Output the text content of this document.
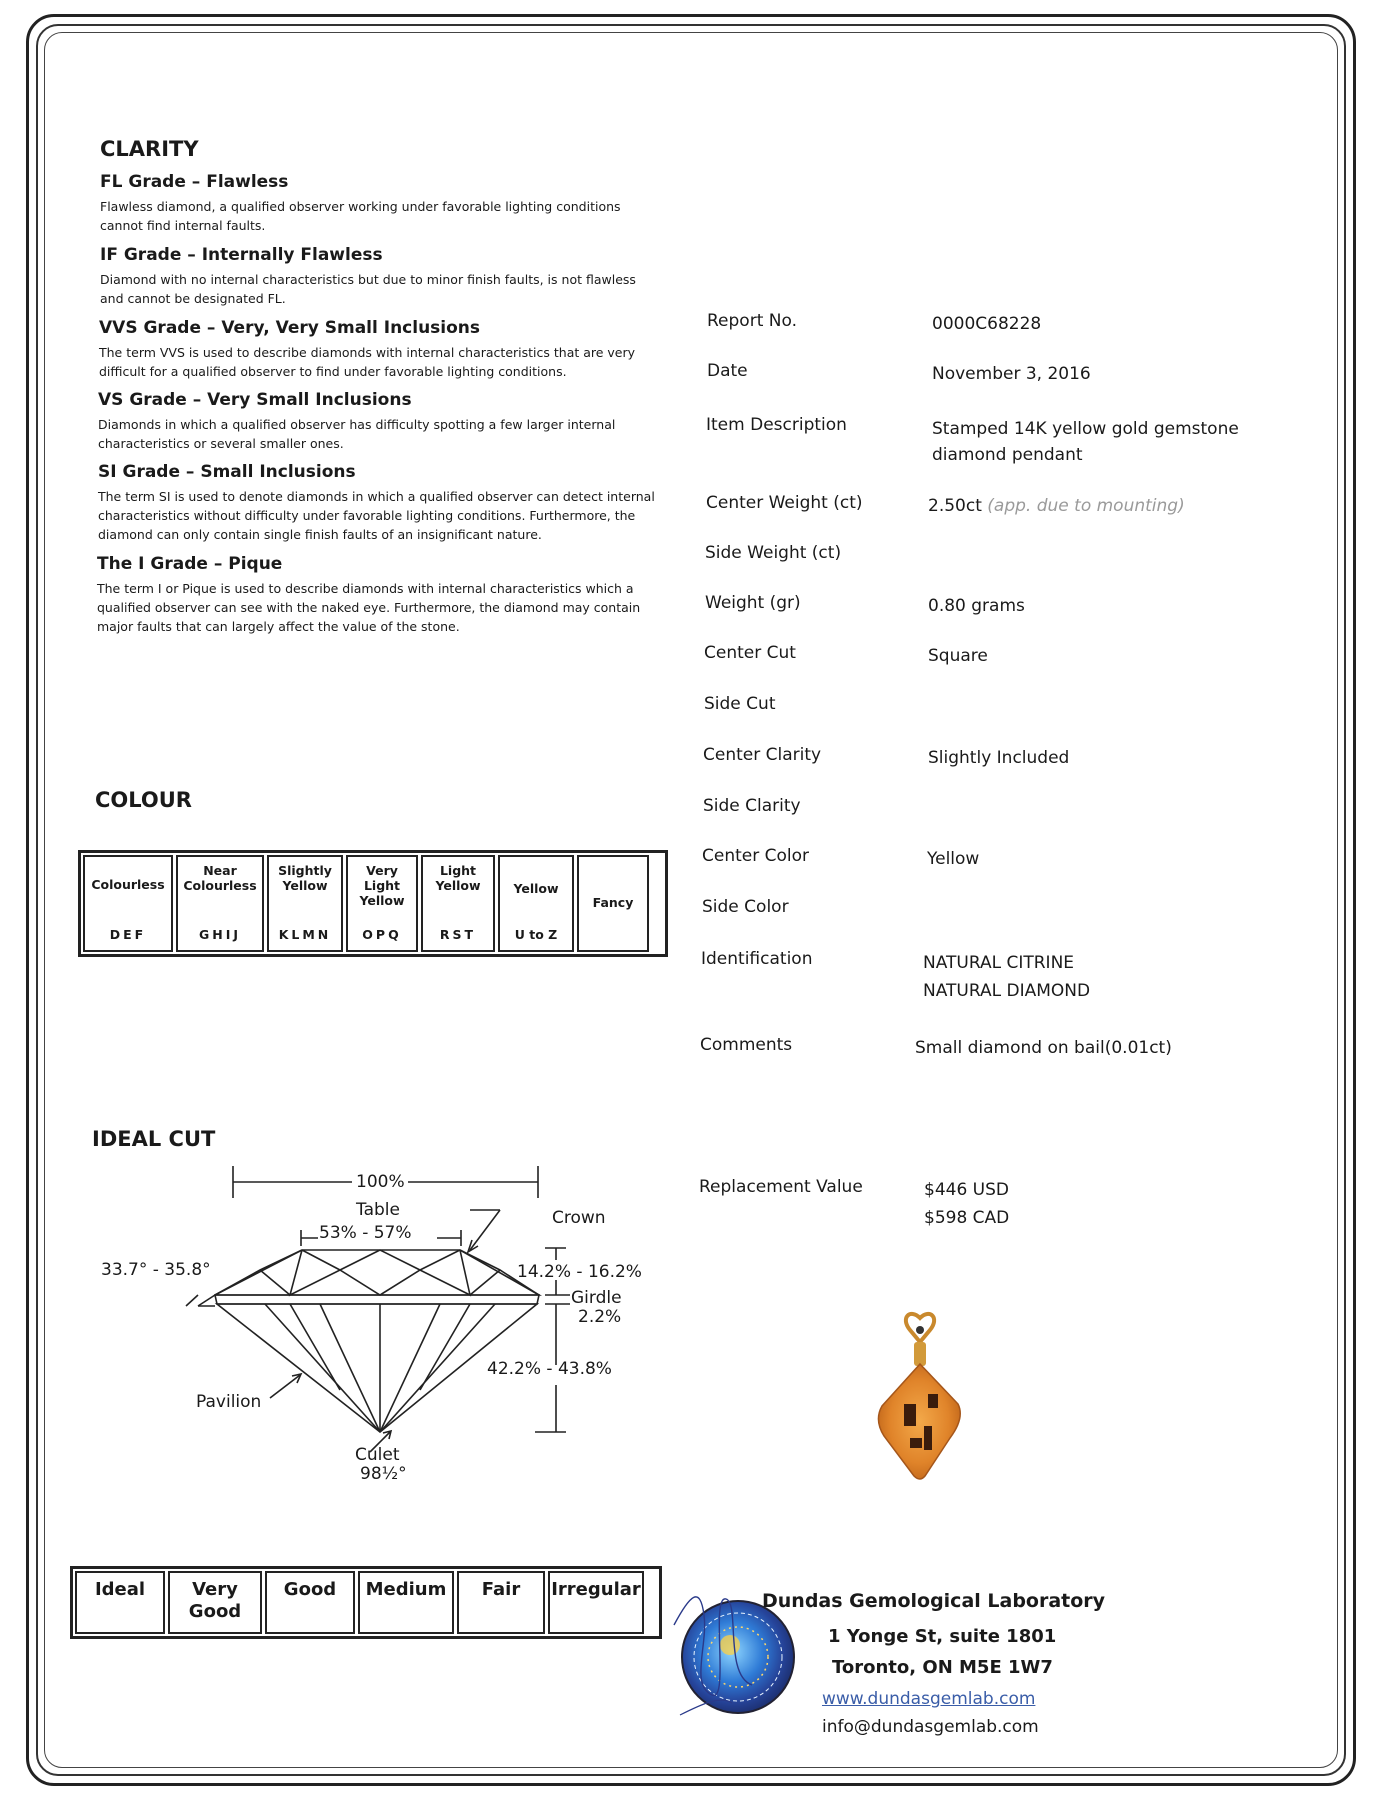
CLARITY
FL Grade – Flawless
Flawless diamond, a qualified observer working under favorable lighting conditions cannot find internal faults.
IF Grade – Internally Flawless
Diamond with no internal characteristics but due to minor finish faults, is not flawless and cannot be designated FL.
VVS Grade – Very, Very Small Inclusions
The term VVS is used to describe diamonds with internal characteristics that are very difficult for a qualified observer to find under favorable lighting conditions.
VS Grade – Very Small Inclusions
Diamonds in which a qualified observer has difficulty spotting a few larger internal characteristics or several smaller ones.
SI Grade – Small Inclusions
The term SI is used to denote diamonds in which a qualified observer can detect internal characteristics without difficulty under favorable lighting conditions. Furthermore, the diamond can only contain single finish faults of an insignificant nature.
The I Grade – Pique
The term I or Pique is used to describe diamonds with internal characteristics which a qualified observer can see with the naked eye. Furthermore, the diamond may contain major faults that can largely affect the value of the stone.
COLOUR
Colourless
DEF
Near Colourless
GHIJ
Slightly Yellow
KLMN
Very Light Yellow
OPQ
Light Yellow
RST
Yellow
U to Z
Fancy
IDEAL CUT
100%
Table
53% - 57%
Crown
33.7° - 35.8°	14.2% - 16.2%
Girdle
2.2%
42.2% - 43.8%
Pavilion
Culet
98½°
Ideal	Very Good
Good	Medium	Fair	Irregular
Report No.	0000C68228
Date	November 3, 2016
Item Description	Stamped 14K yellow gold gemstone
diamond pendant
Center Weight (ct)	2.50ct (app. due to mounting)
Side Weight (ct)
Weight (gr)	0.80 grams
Center Cut	Square
Side Cut
Center Clarity	Slightly Included
Side Clarity
Center Color	Yellow
Side Color
Identification	NATURAL CITRINE
NATURAL DIAMOND
Comments	Small diamond on bail(0.01ct)
Replacement Value	$446 USD
$598 CAD
Dundas Gemological Laboratory
1 Yonge St, suite 1801
Toronto, ON M5E 1W7
www.dundasgemlab.com
info@dundasgemlab.com
